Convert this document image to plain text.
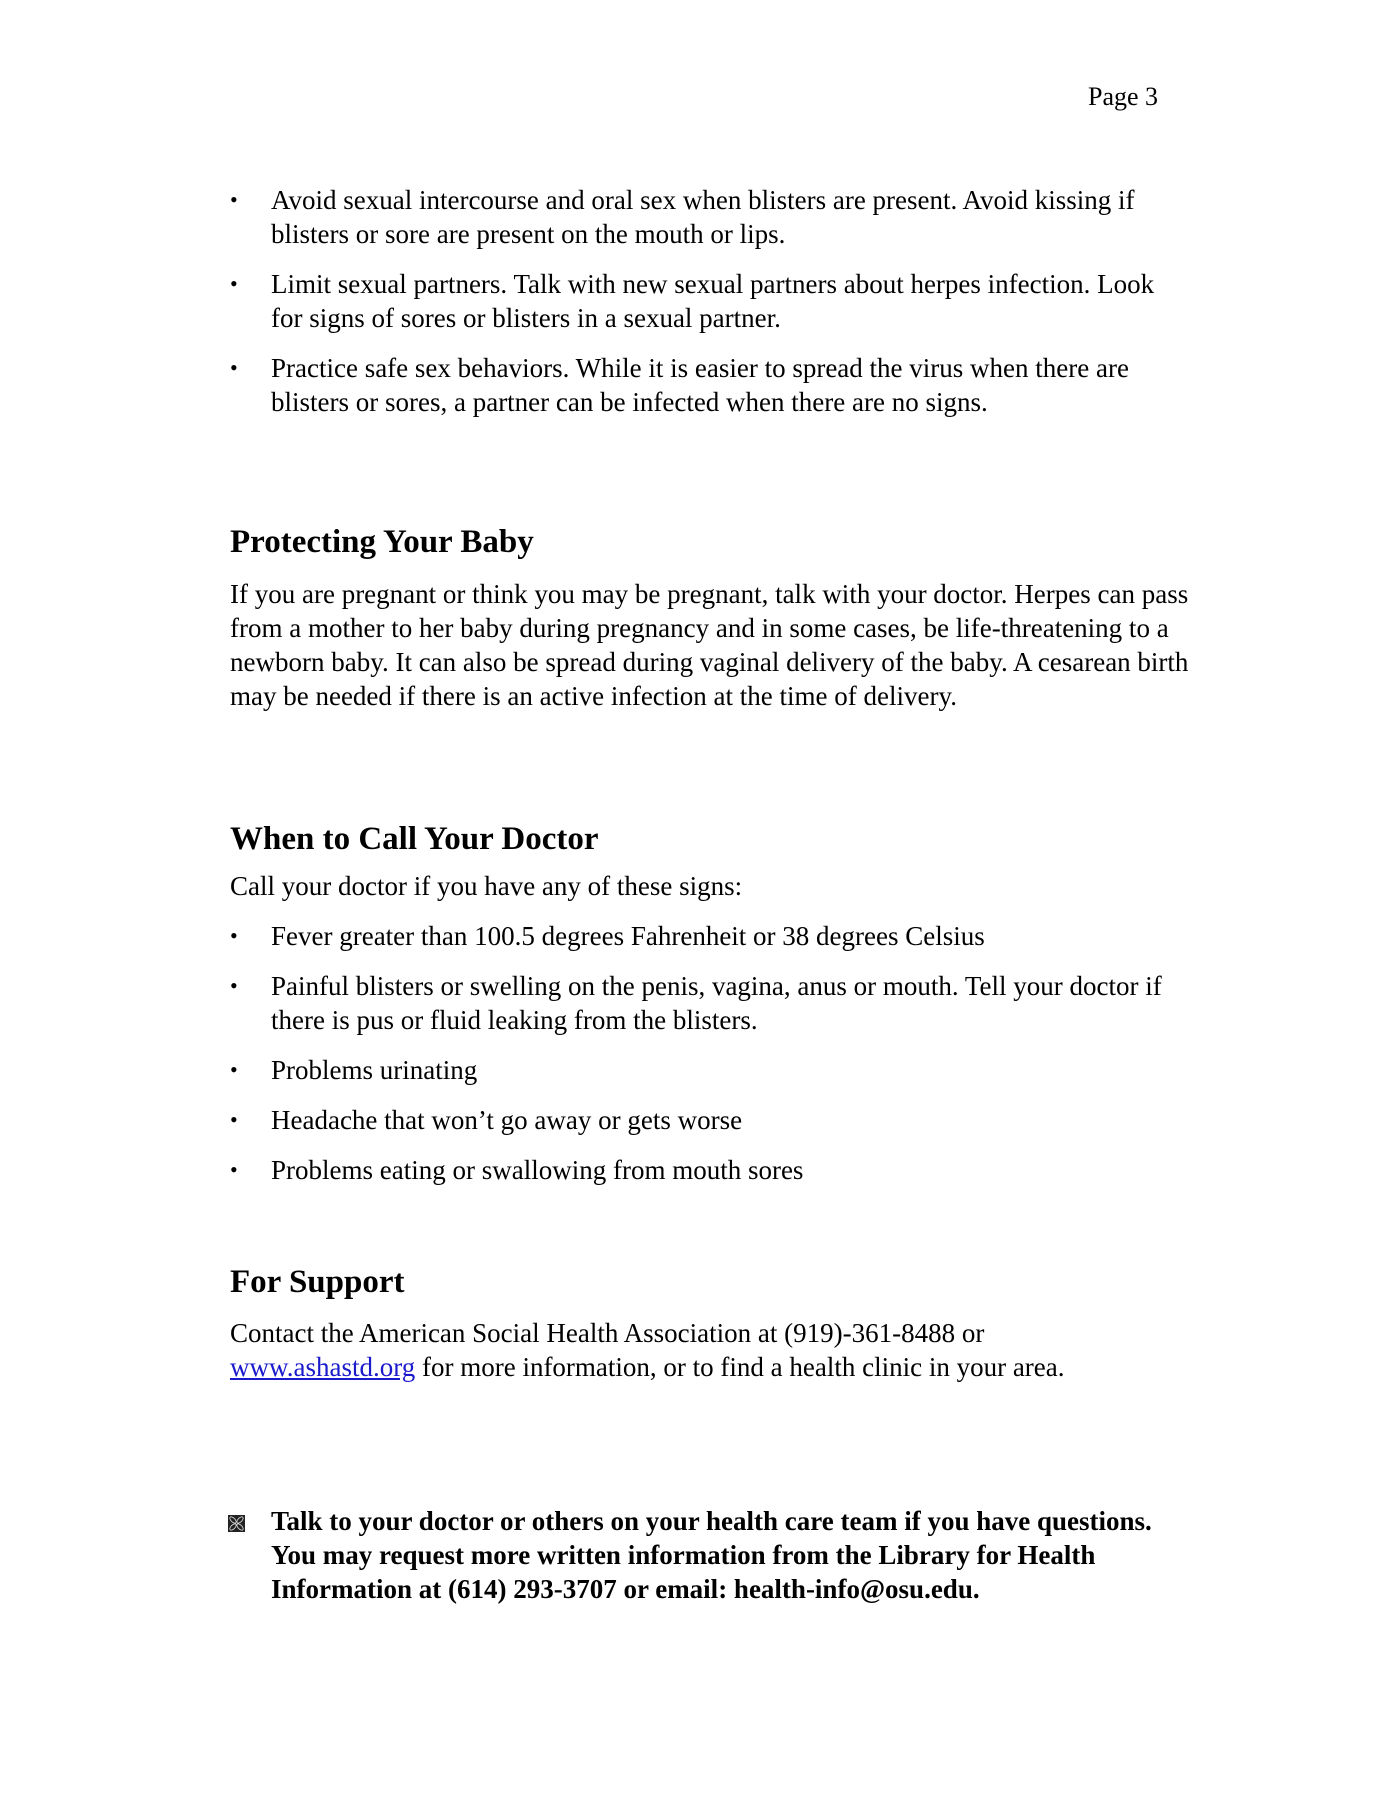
Page 3
•	Avoid sexual intercourse and oral sex when blisters are present. Avoid kissing if blisters or sore are present on the mouth or lips.
•	Limit sexual partners. Talk with new sexual partners about herpes infection. Look for signs of sores or blisters in a sexual partner.
•	Practice safe sex behaviors. While it is easier to spread the virus when there are blisters or sores, a partner can be infected when there are no signs.
Protecting Your Baby

If you are pregnant or think you may be pregnant, talk with your doctor. Herpes can pass from a mother to her baby during pregnancy and in some cases, be life-threatening to a newborn baby. It can also be spread during vaginal delivery of the baby. A cesarean birth may be needed if there is an active infection at the time of delivery.

When to Call Your Doctor

Call your doctor if you have any of these signs:

•	Fever greater than 100.5 degrees Fahrenheit or 38 degrees Celsius
•	Painful blisters or swelling on the penis, vagina, anus or mouth. Tell your doctor if there is pus or fluid leaking from the blisters.
•	Problems urinating
•	Headache that won’t go away or gets worse
•	Problems eating or swallowing from mouth sores
For Support

Contact the American Social Health Association at (919)-361-8488 or
www.ashastd.org for more information, or to find a health clinic in your area.

Talk to your doctor or others on your health care team if you have questions. You may request more written information from the Library for Health Information at (614) 293-3707 or email: health-info@osu.edu.
